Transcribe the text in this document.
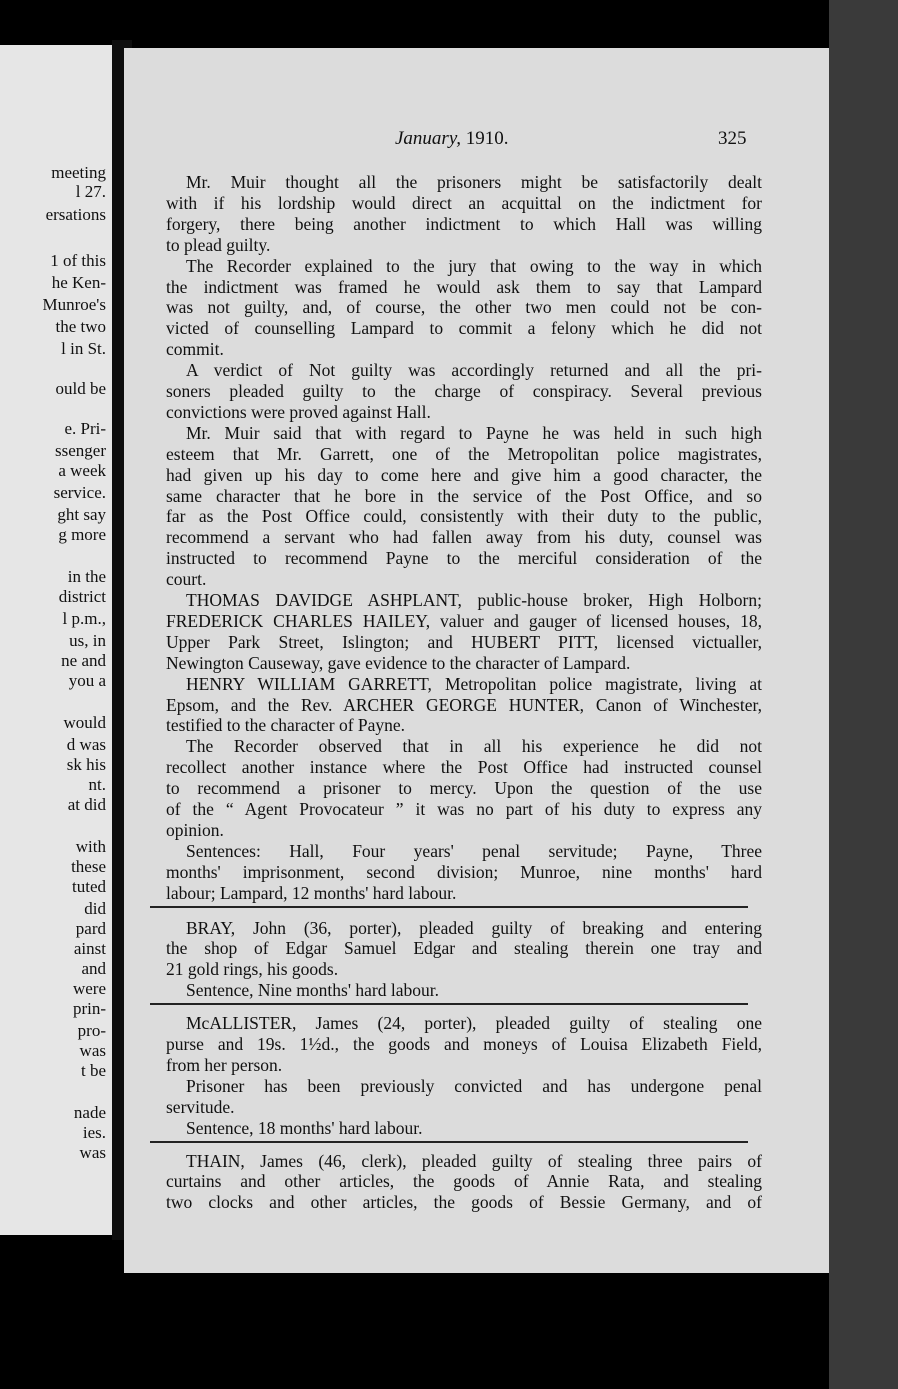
meeting
l 27.
ersations
1 of this
he Ken-
Munroe's
the two
l in St.
ould be
e. Pri-
ssenger
a week
service.
ght say
g more
in the
district
l p.m.,
us, in
ne and
you a
would
d was
sk his
nt.
at did
with
these
tuted
did
pard
ainst
and
were
prin-
pro-
was
t be
nade
ies.
was
January, 1910.	325
Mr. Muir thought all the prisoners might be satisfactorily dealt
with if his lordship would direct an acquittal on the indictment for
forgery, there being another indictment to which Hall was willing
to plead guilty.
The Recorder explained to the jury that owing to the way in which
the indictment was framed he would ask them to say that Lampard
was not guilty, and, of course, the other two men could not be con-
victed of counselling Lampard to commit a felony which he did not
commit.
A verdict of Not guilty was accordingly returned and all the pri-
soners pleaded guilty to the charge of conspiracy. Several previous
convictions were proved against Hall.
Mr. Muir said that with regard to Payne he was held in such high
esteem that Mr. Garrett, one of the Metropolitan police magistrates,
had given up his day to come here and give him a good character, the
same character that he bore in the service of the Post Office, and so
far as the Post Office could, consistently with their duty to the public,
recommend a servant who had fallen away from his duty, counsel was
instructed to recommend Payne to the merciful consideration of the
court.
THOMAS DAVIDGE ASHPLANT, public-house broker, High Holborn;
FREDERICK CHARLES HAILEY, valuer and gauger of licensed houses, 18,
Upper Park Street, Islington; and HUBERT PITT, licensed victualler,
Newington Causeway, gave evidence to the character of Lampard.
HENRY WILLIAM GARRETT, Metropolitan police magistrate, living at
Epsom, and the Rev. ARCHER GEORGE HUNTER, Canon of Winchester,
testified to the character of Payne.
The Recorder observed that in all his experience he did not
recollect another instance where the Post Office had instructed counsel
to recommend a prisoner to mercy. Upon the question of the use
of the “ Agent Provocateur ” it was no part of his duty to express any
opinion.
Sentences: Hall, Four years' penal servitude; Payne, Three
months' imprisonment, second division; Munroe, nine months' hard
labour; Lampard, 12 months' hard labour.
BRAY, John (36, porter), pleaded guilty of breaking and entering
the shop of Edgar Samuel Edgar and stealing therein one tray and
21 gold rings, his goods.
Sentence, Nine months' hard labour.
McALLISTER, James (24, porter), pleaded guilty of stealing one
purse and 19s. 1½d., the goods and moneys of Louisa Elizabeth Field,
from her person.
Prisoner has been previously convicted and has undergone penal
servitude.
Sentence, 18 months' hard labour.
THAIN, James (46, clerk), pleaded guilty of stealing three pairs of
curtains and other articles, the goods of Annie Rata, and stealing
two clocks and other articles, the goods of Bessie Germany, and of
